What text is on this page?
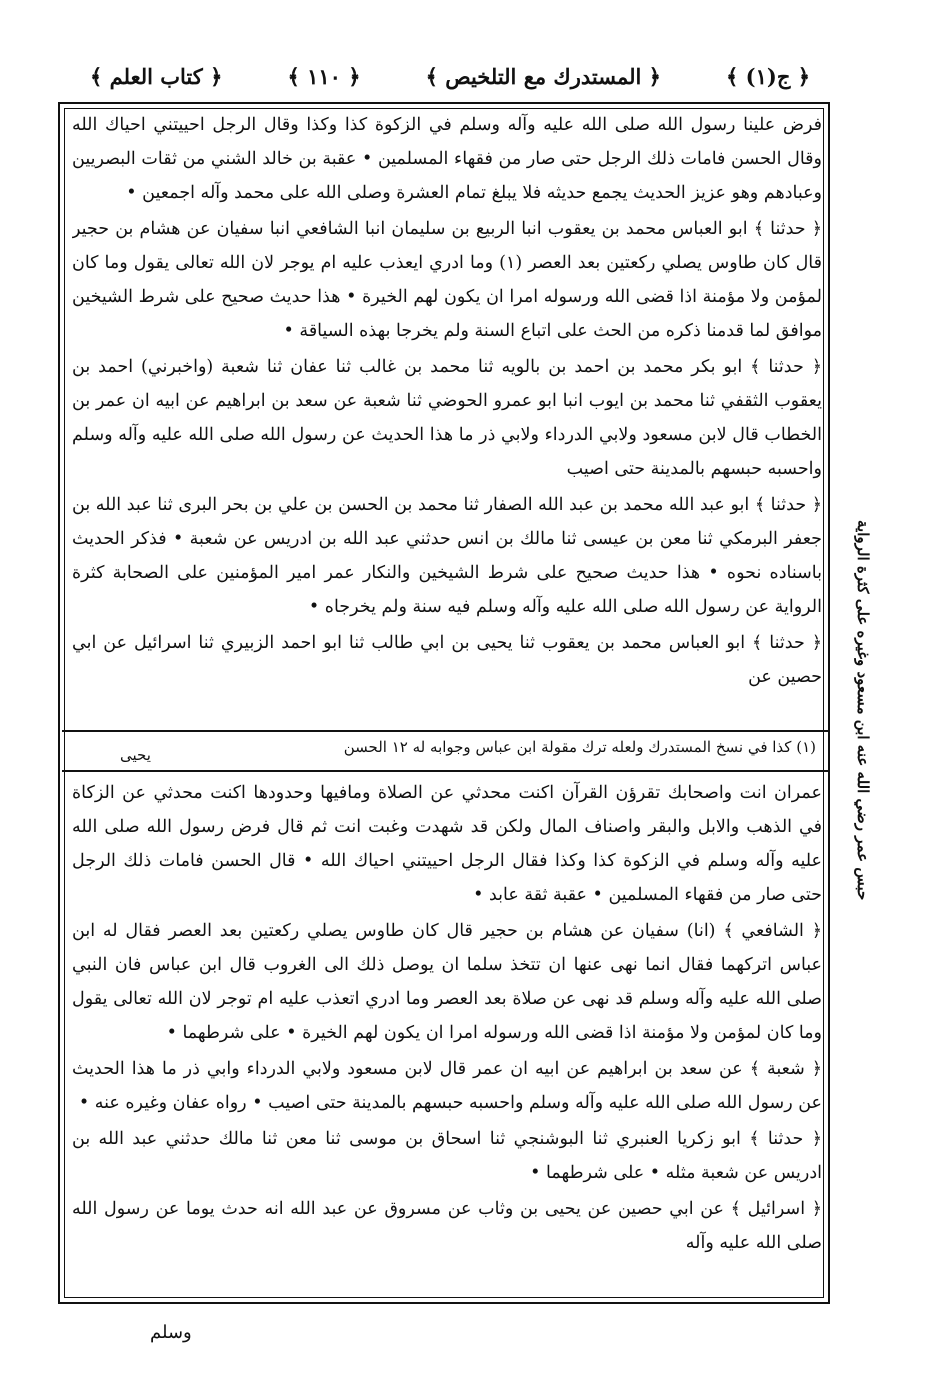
﴿ ج(١) ﴾
﴿ المستدرك مع التلخيص ﴾
﴿ ١١٠ ﴾
﴿ كتاب العلم ﴾

فرض علينا رسول الله صلى الله عليه وآله وسلم في الزكوة كذا وكذا وقال الرجل احييتني احياك الله وقال الحسن فامات ذلك الرجل حتى صار من فقهاء المسلمين • عقبة بن خالد الشني من ثقات البصريين وعبادهم وهو عزيز الحديث يجمع حديثه فلا يبلغ تمام العشرة وصلى الله على محمد وآله اجمعين •

﴿ حدثنا ﴾ ابو العباس محمد بن يعقوب انبا الربيع بن سليمان انبا الشافعي انبا سفيان عن هشام بن حجير قال كان طاوس يصلي ركعتين بعد العصر (١) وما ادري ايعذب عليه ام يوجر لان الله تعالى يقول وما كان لمؤمن ولا مؤمنة اذا قضى الله ورسوله امرا ان يكون لهم الخيرة • هذا حديث صحيح على شرط الشيخين موافق لما قدمنا ذكره من الحث على اتباع السنة ولم يخرجا بهذه السياقة •

﴿ حدثنا ﴾ ابو بكر محمد بن احمد بن بالويه ثنا محمد بن غالب ثنا عفان ثنا شعبة (واخبرني) احمد بن يعقوب الثقفي ثنا محمد بن ايوب انبا ابو عمرو الحوضي ثنا شعبة عن سعد بن ابراهيم عن ابيه ان عمر بن الخطاب قال لابن مسعود ولابي الدرداء ولابي ذر ما هذا الحديث عن رسول الله صلى الله عليه وآله وسلم واحسبه حبسهم بالمدينة حتى اصيب

﴿ حدثنا ﴾ ابو عبد الله محمد بن عبد الله الصفار ثنا محمد بن الحسن بن علي بن بحر البرى ثنا عبد الله بن جعفر البرمكي ثنا معن بن عيسى ثنا مالك بن انس حدثني عبد الله بن ادريس عن شعبة • فذكر الحديث باسناده نحوه • هذا حديث صحيح على شرط الشيخين والنكار عمر امير المؤمنين على الصحابة كثرة الرواية عن رسول الله صلى الله عليه وآله وسلم فيه سنة ولم يخرجاه •

﴿ حدثنا ﴾ ابو العباس محمد بن يعقوب ثنا يحيى بن ابي طالب ثنا ابو احمد الزبيري ثنا اسرائيل عن ابي حصين عن

(١) كذا في نسخ المستدرك ولعله ترك مقولة ابن عباس وجوابه له ١٢ الحسن
يحيى

عمران انت واصحابك تقرؤن القرآن اكنت محدثي عن الصلاة ومافيها وحدودها اكنت محدثي عن الزكاة في الذهب والابل والبقر واصناف المال ولكن قد شهدت وغبت انت ثم قال فرض رسول الله صلى الله عليه وآله وسلم في الزكوة كذا وكذا فقال الرجل احييتني احياك الله • قال الحسن فامات ذلك الرجل حتى صار من فقهاء المسلمين • عقبة ثقة عابد •

﴿ الشافعي ﴾ (انا) سفيان عن هشام بن حجير قال كان طاوس يصلي ركعتين بعد العصر فقال له ابن عباس اتركهما فقال انما نهى عنها ان تتخذ سلما ان يوصل ذلك الى الغروب قال ابن عباس فان النبي صلى الله عليه وآله وسلم قد نهى عن صلاة بعد العصر وما ادري اتعذب عليه ام توجر لان الله تعالى يقول وما كان لمؤمن ولا مؤمنة اذا قضى الله ورسوله امرا ان يكون لهم الخيرة • على شرطهما •

﴿ شعبة ﴾ عن سعد بن ابراهيم عن ابيه ان عمر قال لابن مسعود ولابي الدرداء وابي ذر ما هذا الحديث عن رسول الله صلى الله عليه وآله وسلم واحسبه حبسهم بالمدينة حتى اصيب • رواه عفان وغيره عنه •

﴿ حدثنا ﴾ ابو زكريا العنبري ثنا البوشنجي ثنا اسحاق بن موسى ثنا معن ثنا مالك حدثني عبد الله بن ادريس عن شعبة مثله • على شرطهما •

﴿ اسرائيل ﴾ عن ابي حصين عن يحيى بن وثاب عن مسروق عن عبد الله انه حدث يوما عن رسول الله صلى الله عليه وآله

حبس عمر رضي الله عنه ابن مسعود وغيره على كثرة الرواية
وسلم
